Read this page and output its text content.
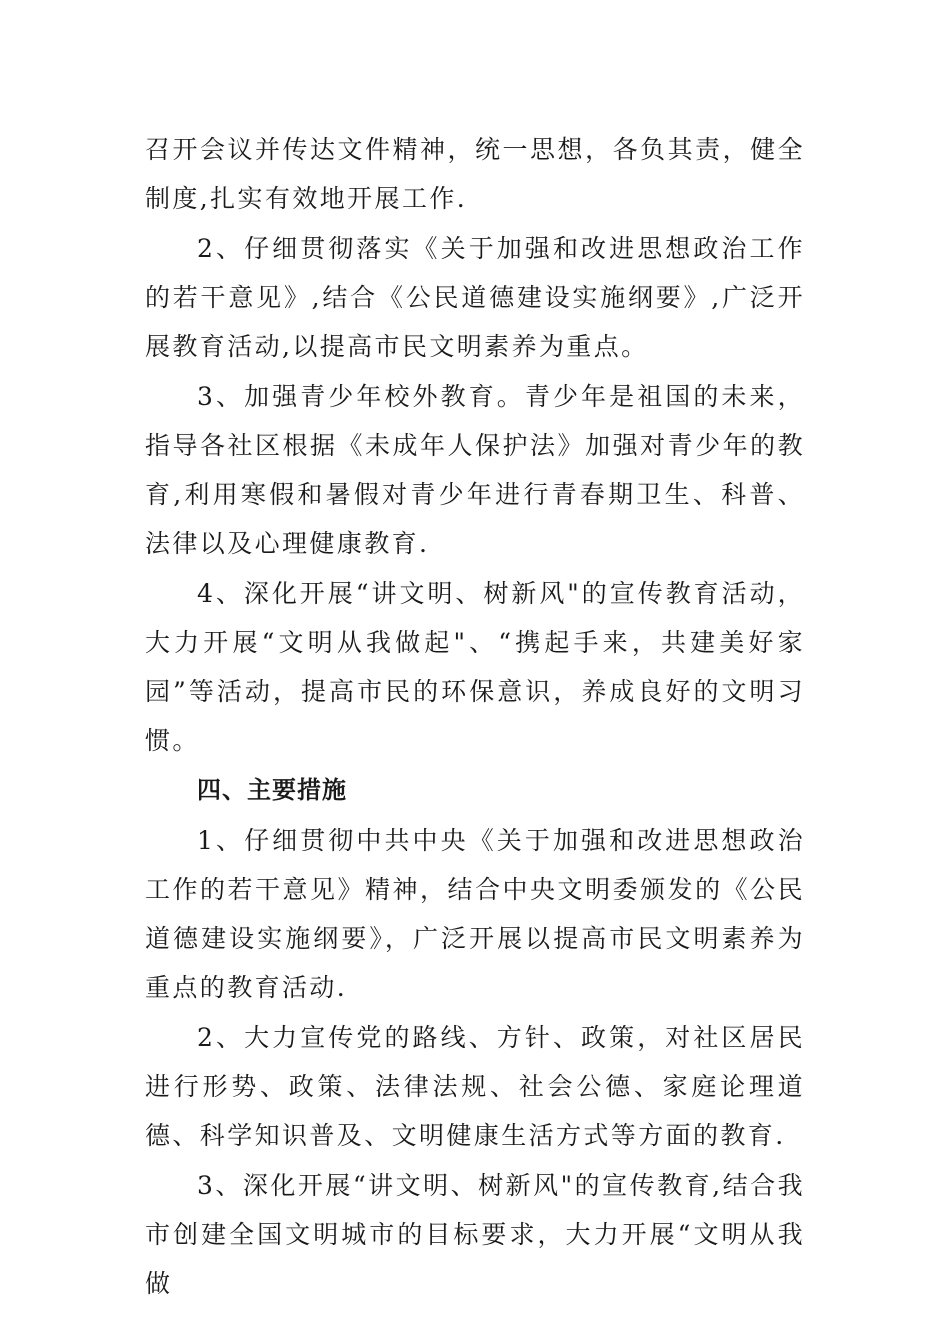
召开会议并传达文件精神，统一思想，各负其责，健全制度,扎实有效地开展工作.

2、仔细贯彻落实《关于加强和改进思想政治工作的若干意见》,结合《公民道德建设实施纲要》,广泛开展教育活动,以提高市民文明素养为重点。

3、加强青少年校外教育。青少年是祖国的未来，指导各社区根据《未成年人保护法》加强对青少年的教育,利用寒假和暑假对青少年进行青春期卫生、科普、法律以及心理健康教育.

4、深化开展“讲文明、树新风"的宣传教育活动，大力开展“文明从我做起"、“携起手来，共建美好家园”等活动，提高市民的环保意识，养成良好的文明习惯。

四、主要措施

1、仔细贯彻中共中央《关于加强和改进思想政治工作的若干意见》精神，结合中央文明委颁发的《公民道德建设实施纲要》，广泛开展以提高市民文明素养为重点的教育活动.

2、大力宣传党的路线、方针、政策，对社区居民进行形势、政策、法律法规、社会公德、家庭论理道德、科学知识普及、文明健康生活方式等方面的教育.

3、深化开展“讲文明、树新风"的宣传教育,结合我市创建全国文明城市的目标要求，大力开展“文明从我做
